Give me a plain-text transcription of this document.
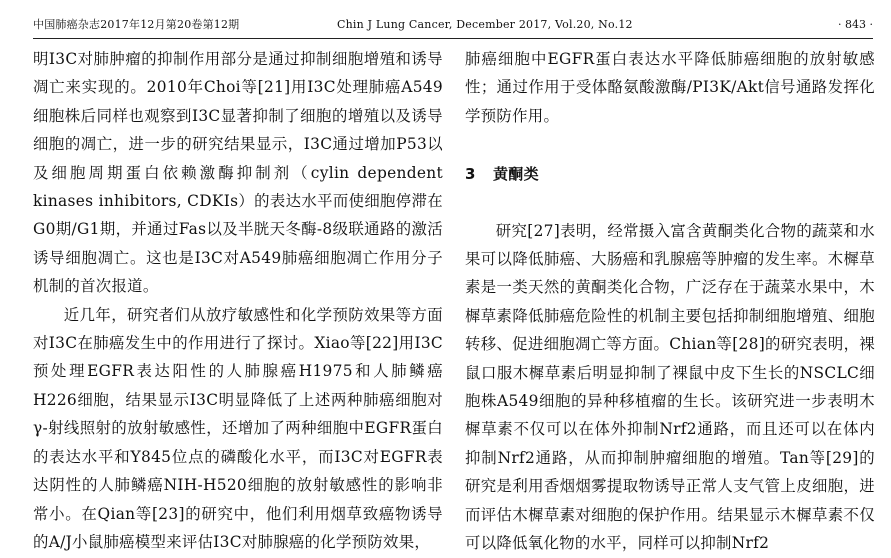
中国肺癌杂志2017年12月第20卷第12期	Chin J Lung Cancer, December 2017, Vol.20, No.12	· 843 ·

明I3C对肺肿瘤的抑制作用部分是通过抑制细胞增殖和诱导凋亡来实现的。2010年Choi等[21]用I3C处理肺癌A549细胞株后同样也观察到I3C显著抑制了细胞的增殖以及诱导细胞的凋亡，进一步的研究结果显示，I3C通过增加P53以及细胞周期蛋白依赖激酶抑制剂（cylin dependent kinases inhibitors, CDKIs）的表达水平而使细胞停滞在G0期/G1期，并通过Fas以及半胱天冬酶-8级联通路的激活诱导细胞凋亡。这也是I3C对A549肺癌细胞凋亡作用分子机制的首次报道。

近几年，研究者们从放疗敏感性和化学预防效果等方面对I3C在肺癌发生中的作用进行了探讨。Xiao等[22]用I3C预处理EGFR表达阳性的人肺腺癌H1975和人肺鳞癌H226细胞，结果显示I3C明显降低了上述两种肺癌细胞对γ-射线照射的放射敏感性，还增加了两种细胞中EGFR蛋白的表达水平和Y845位点的磷酸化水平，而I3C对EGFR表达阴性的人肺鳞癌NIH-H520细胞的放射敏感性的影响非常小。在Qian等[23]的研究中，他们利用烟草致癌物诱导的A/J小鼠肺癌模型来评估I3C对肺腺癌的化学预防效果，

肺癌细胞中EGFR蛋白表达水平降低肺癌细胞的放射敏感性；通过作用于受体酪氨酸激酶/PI3K/Akt信号通路发挥化学预防作用。

3 黄酮类

研究[27]表明，经常摄入富含黄酮类化合物的蔬菜和水果可以降低肺癌、大肠癌和乳腺癌等肿瘤的发生率。木樨草素是一类天然的黄酮类化合物，广泛存在于蔬菜水果中，木樨草素降低肺癌危险性的机制主要包括抑制细胞增殖、细胞转移、促进细胞凋亡等方面。Chian等[28]的研究表明，裸鼠口服木樨草素后明显抑制了裸鼠中皮下生长的NSCLC细胞株A549细胞的异种移植瘤的生长。该研究进一步表明木樨草素不仅可以在体外抑制Nrf2通路，而且还可以在体内抑制Nrf2通路，从而抑制肿瘤细胞的增殖。Tan等[29]的研究是利用香烟烟雾提取物诱导正常人支气管上皮细胞，进而评估木樨草素对细胞的保护作用。结果显示木樨草素不仅可以降低氧化物的水平，同样可以抑制Nrf2
